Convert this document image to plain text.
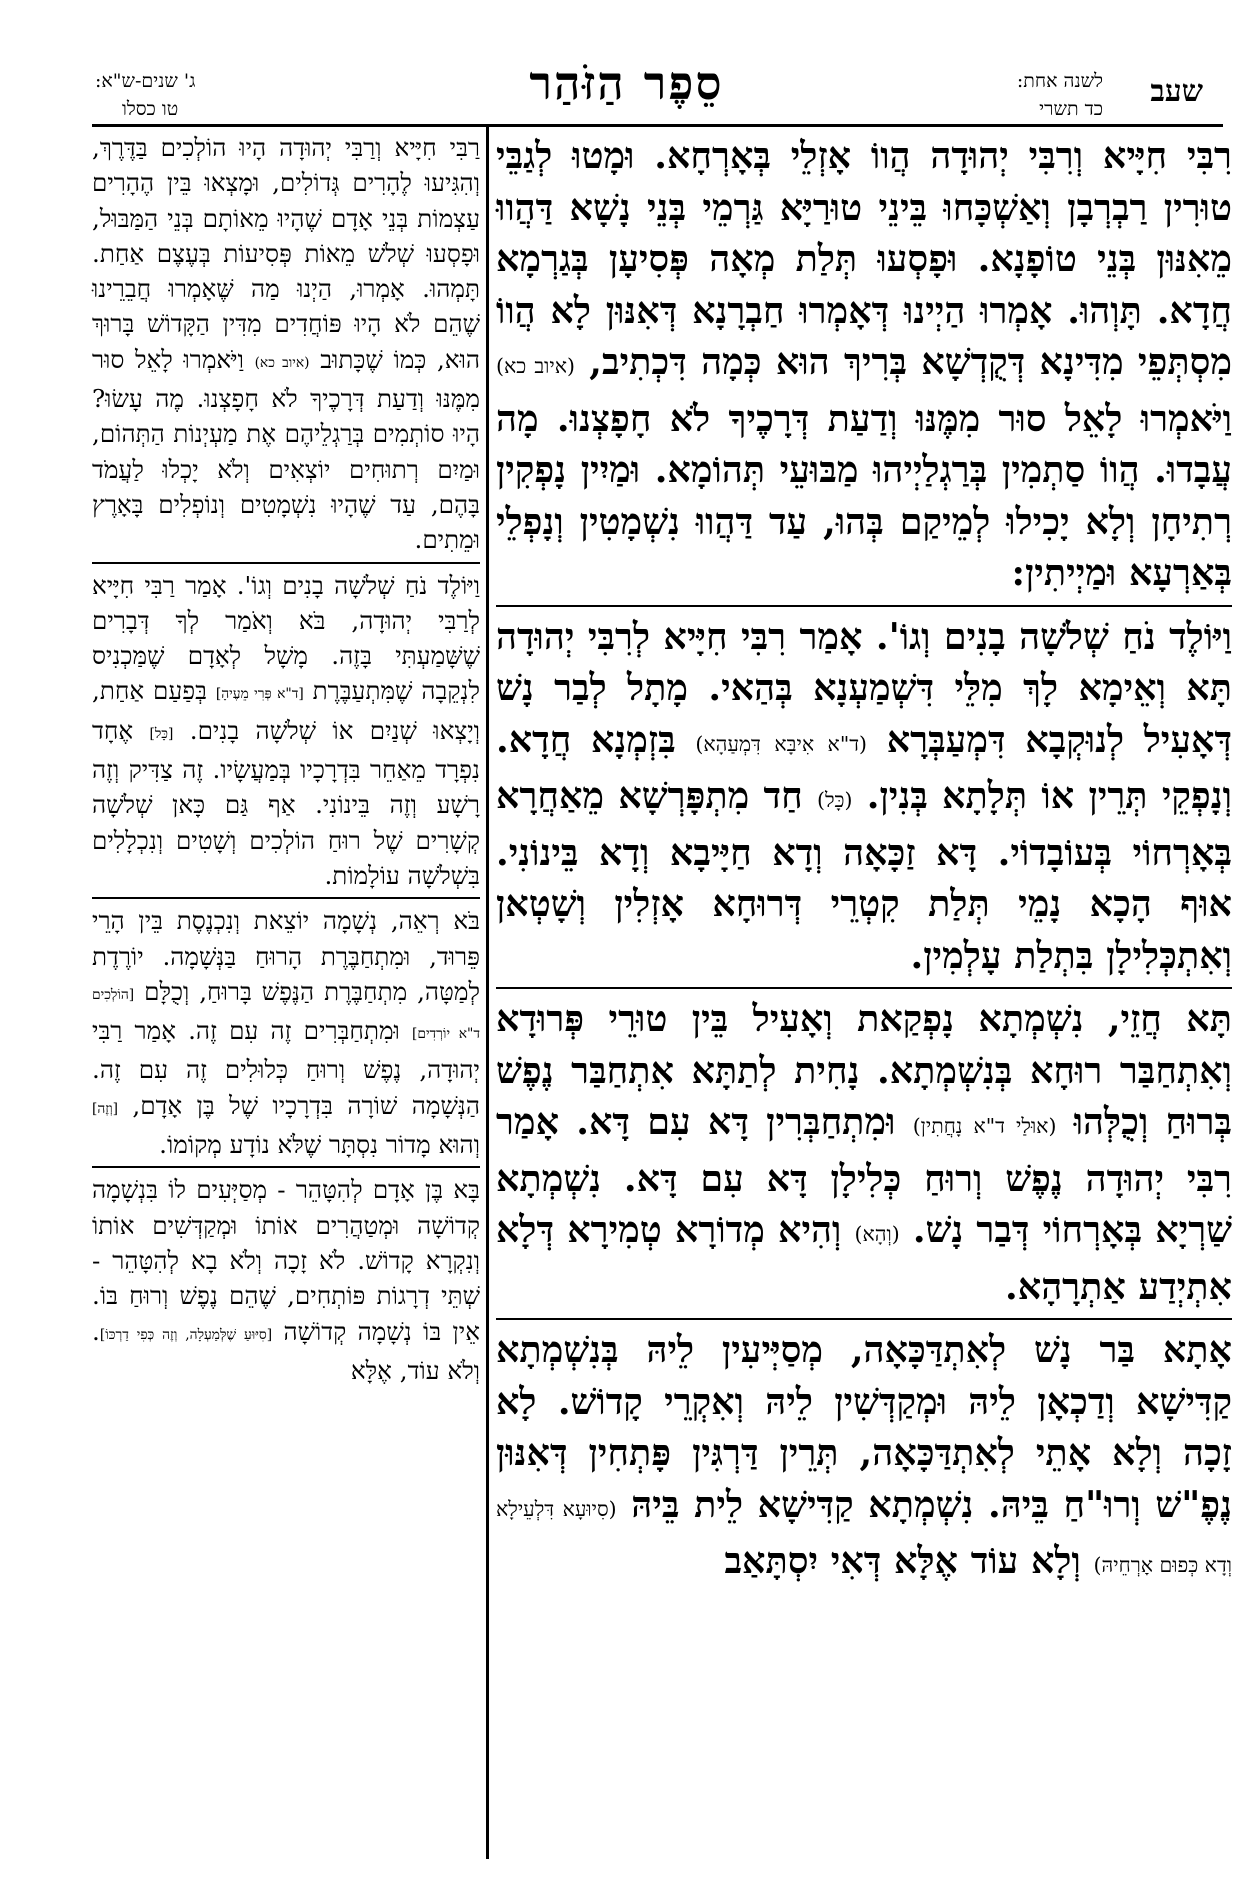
שעב
לשנה אחת:
כד תשרי
סֵפֶר הַזֹּהַר
ג' שנים-ש"א:
טו כסלו

רִבִּי חִיָּיא וְרִבִּי יְהוּדָה הֲווֹ אָזְלֵי בְּאָרְחָא. וּמָטוּ לְגַבֵּי טוּרִין רַבְרְבָן וְאַשְׁכָּחוּ בֵּינֵי טוּרַיָּא גַּרְמֵי בְּנֵי נָשָׁא דַּהֲווּ מֵאִנּוּן בְּנֵי טוֹפָנָא. וּפָסְעוּ תְּלַת מְאָה פְּסִיעָן בְּגַרְמָא חֲדָא. תָּוְהוּ. אָמְרוּ הַיְינוּ דְּאָמְרוּ חַבְרָנָא דְּאִנּוּן לָא הֲווֹ מִסְתְּפֵי מִדִּינָא דְּקֻדְשָׁא בְּרִיךְ הוּא כְּמָה דִּכְתִיב, (איוב כא) וַיֹּאמְרוּ לָאֵל סוּר מִמֶּנּוּ וְדַעַת דְּרָכֶיךָ לֹא חָפָצְנוּ. מָה עֲבָדוּ. הֲווֹ סַתְמִין בְּרַגְלַיְיהוּ מַבּוּעֵי תְּהוֹמָא. וּמַיִין נָפְקִין רְתִיחָן וְלָא יָכִילוּ לְמֵיקַם בְּהוּ, עַד דַּהֲווּ נִשְׁמָטִין וְנָפְלֵי בְּאַרְעָא וּמַיְיתִין:

וַיּוֹלֶד נֹחַ שְׁלֹשָׁה בָנִים וְגוֹ'. אָמַר רִבִּי חִיָּיא לְרִבִּי יְהוּדָה תָּא וְאֵימָא לָךְ מִלֵּי דִּשְׁמַעְנָא בְּהַאי. מָתָל לְבַר נָשׁ דְּאָעִיל לְנוּקְבָא דִּמְעַבְּרָא (ד"א אִיבָּא דִּמְעַהָא) בִּזְמְנָא חֲדָא. וְנָפְקֵי תְּרֵין אוֹ תְּלָתָא בְּנִין. (כָּל) חַד מִתְפָּרְשָׁא מֵאַחֲרָא בְּאָרְחוֹי בְּעוֹבָדוֹי. דָּא זַכָּאָה וְדָא חַיָּיבָא וְדָא בֵּינוֹנִי. אוּף הָכָא נָמֵי תְּלַת קִטְרֵי דְּרוּחָא אָזְלִין וְשָׁטְאן וְאִתְכְּלִילָן בִּתְלַת עָלְמִין.

תָּא חֲזֵי, נִשְׁמְתָא נָפְקַאת וְאָעִיל בֵּין טוּרֵי פְּרוּדָא וְאִתְחַבַּר רוּחָא בְּנִשְׁמְתָא. נָחִית לְתַתָּא אִתְחַבַּר נֶפֶשׁ בְּרוּחַ וְכֻלְּהוּ (אוּלַי ד"א נָחֲתִין) וּמִתְחַבְּרִין דָּא עִם דָּא. אָמַר רִבִּי יְהוּדָה נֶפֶשׁ וְרוּחַ כְּלִילָן דָּא עִם דָּא. נִשְׁמְתָא שַׁרְיָא בְּאָרְחוֹי דְּבַר נָשׁ. (וְהָא) וְהִיא מְדוֹרָא טְמִירָא דְּלָא אִתְיְדַע אַתְרָהָא.

אָתָא בַּר נָשׁ לְאִתְדַּכָּאָה, מְסַיְּיעִין לֵיהּ בְּנִשְׁמְתָא קַדִּישָׁא וְדַכְאָן לֵיהּ וּמְקַדְּשִׁין לֵיהּ וְאִקְרֵי קָדוֹשׁ. לָא זָכָה וְלָא אָתֵי לְאִתְדַּכָּאָה, תְּרֵין דַּרְגִּין פָּתְחִין דְּאִנּוּן נֶפֶ"שׁ וְרוּ"חַ בֵּיהּ. נִשְׁמְתָא קַדִּישָׁא לֵית בֵּיהּ (סִיוּעָא דִּלְעֵילָא וְדָא כְּפוּם אָרְחֵיהּ) וְלָא עוֹד אֶלָּא דְּאִי יִסְתָּאַב

רַבִּי חִיָּיא וְרַבִּי יְהוּדָה הָיוּ הוֹלְכִים בַּדֶּרֶךְ, וְהִגִּיעוּ לֶהָרִים גְּדוֹלִים, וּמָצְאוּ בֵּין הֶהָרִים עַצְמוֹת בְּנֵי אָדָם שֶׁהָיוּ מֵאוֹתָם בְּנֵי הַמַּבּוּל, וּפָסְעוּ שְׁלֹשׁ מֵאוֹת פְּסִיעוֹת בְּעֶצֶם אַחַת. תָּמְהוּ. אָמְרוּ, הַיְנוּ מַה שֶּׁאָמְרוּ חֲבֵרֵינוּ שֶׁהֵם לֹא הָיוּ פּוֹחֲדִים מִדִּין הַקָּדוֹשׁ בָּרוּךְ הוּא, כְּמוֹ שֶׁכָּתוּב (איוב כא) וַיֹּאמְרוּ לָאֵל סוּר מִמֶּנּוּ וְדַעַת דְּרָכֶיךָ לֹא חָפָצְנוּ. מֶה עָשׂוּ? הָיוּ סוֹתְמִים בְּרַגְלֵיהֶם אֶת מַעְיְנוֹת הַתְּהוֹם, וּמַיִם רְתוּחִים יוֹצְאִים וְלֹא יָכְלוּ לַעֲמֹד בָּהֶם, עַד שֶׁהָיוּ נִשְׁמָטִים וְנוֹפְלִים בָּאָרֶץ וּמֵתִים.

וַיּוֹלֶד נֹחַ שְׁלֹשָׁה בָנִים וְגוֹ'. אָמַר רַבִּי חִיָּיא לְרַבִּי יְהוּדָה, בֹּא וְאֹמַר לְךָ דְּבָרִים שֶׁשָּׁמַעְתִּי בָּזֶה. מָשָׁל לְאָדָם שֶׁמַּכְנִיס לִנְקֵבָה שֶׁמִּתְעַבֶּרֶת [ד"א פְּרִי מֵעֶיהָ] בְּפַעַם אַחַת, וְיָצְאוּ שְׁנַיִם אוֹ שְׁלֹשָׁה בָנִים. [כָּל] אֶחָד נִפְרָד מֵאַחֵר בִּדְרָכָיו בְּמַעֲשָׂיו. זֶה צַדִּיק וְזֶה רָשָׁע וְזֶה בֵּינוֹנִי. אַף גַּם כָּאן שְׁלֹשָׁה קְשָׁרִים שֶׁל רוּחַ הוֹלְכִים וְשָׁטִים וְנִכְלָלִים בִּשְׁלֹשָׁה עוֹלָמוֹת.

בֹּא רְאֵה, נְשָׁמָה יוֹצֵאת וְנִכְנֶסֶת בֵּין הָרֵי פֵּרוּד, וּמִתְחַבֶּרֶת הָרוּחַ בַּנְּשָׁמָה. יוֹרֶדֶת לְמַטָּה, מִתְחַבֶּרֶת הַנֶּפֶשׁ בָּרוּחַ, וְכֻלָּם [הוֹלְכִים ד"א יוֹרְדִים] וּמִתְחַבְּרִים זֶה עִם זֶה. אָמַר רַבִּי יְהוּדָה, נֶפֶשׁ וְרוּחַ כְּלוּלִים זֶה עִם זֶה. הַנְּשָׁמָה שׁוֹרָה בִּדְרָכָיו שֶׁל בֶּן אָדָם, [וְזֶה] וְהוּא מָדוֹר נִסְתָּר שֶׁלֹּא נוֹדָע מְקוֹמוֹ.

בָּא בֶּן אָדָם לְהִטָּהֵר - מְסַיְּעִים לוֹ בִּנְשָׁמָה קְדוֹשָׁה וּמְטַהֲרִים אוֹתוֹ וּמְקַדְּשִׁים אוֹתוֹ וְנִקְרָא קָדוֹשׁ. לֹא זָכָה וְלֹא בָא לְהִטָּהֵר - שְׁתֵּי דְרָגוֹת פּוֹתְחִים, שֶׁהֵם נֶפֶשׁ וְרוּחַ בּוֹ. אֵין בּוֹ נְשָׁמָה קְדוֹשָׁה [סִיּוּעַ שֶׁלְּמַעְלָה, וְזֶה כְּפִי דַרְכּוֹ]. וְלֹא עוֹד, אֶלָּא
